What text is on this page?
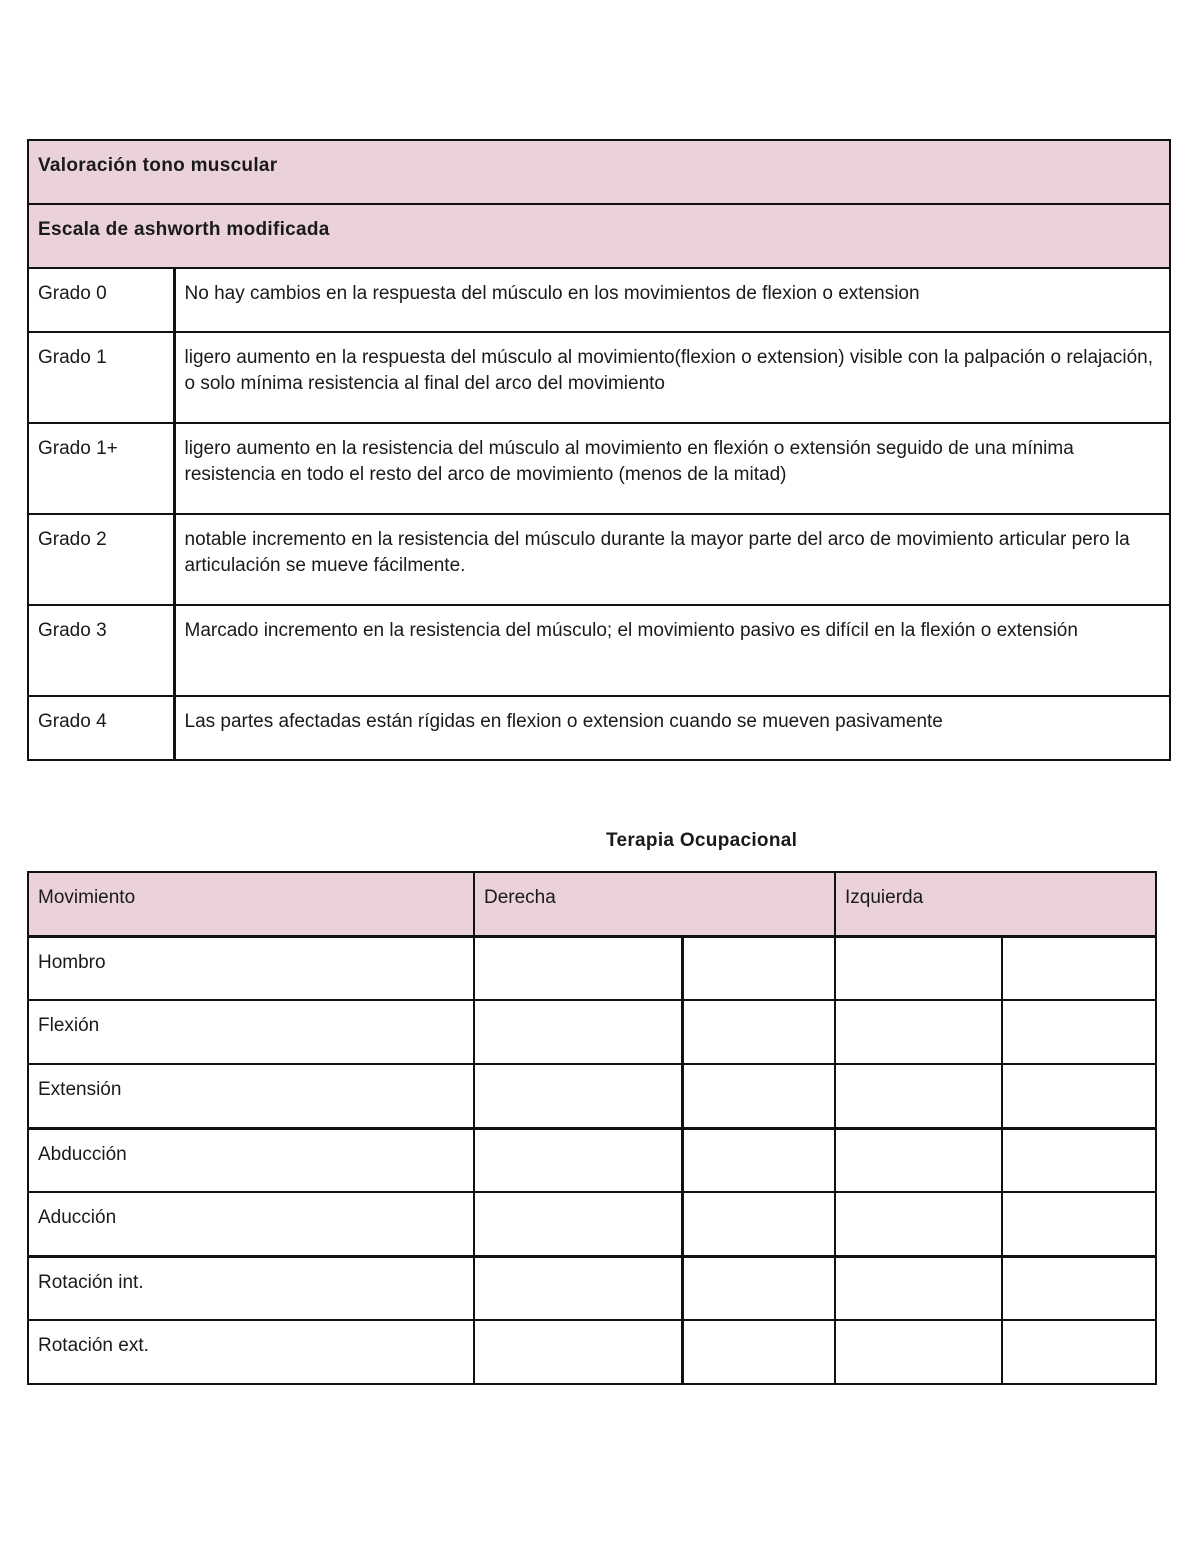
Valoración tono muscular	
Escala de ashworth modificada	
Grado 0	No hay cambios en la respuesta del músculo en los movimientos de flexion o extension
Grado 1	ligero aumento en la respuesta del músculo al movimiento(flexion o extension) visible con la palpación o relajación, o solo mínima resistencia al final del arco del movimiento
Grado 1+	ligero aumento en la resistencia del músculo al movimiento en flexión o extensión seguido de una mínima resistencia en todo el resto del arco de movimiento (menos de la mitad)
Grado 2	notable incremento en la resistencia del músculo durante la mayor parte del arco de movimiento articular pero la articulación se mueve fácilmente.
Grado 3	Marcado incremento en la resistencia del músculo; el movimiento pasivo es difícil en la flexión o extensión
Grado 4	Las partes afectadas están rígidas en flexion o extension cuando se mueven pasivamente

Terapia Ocupacional

Movimiento	Derecha		Izquierda	
Hombro				
Flexión				
Extensión				
Abducción				
Aducción				
Rotación int.				
Rotación ext.				
